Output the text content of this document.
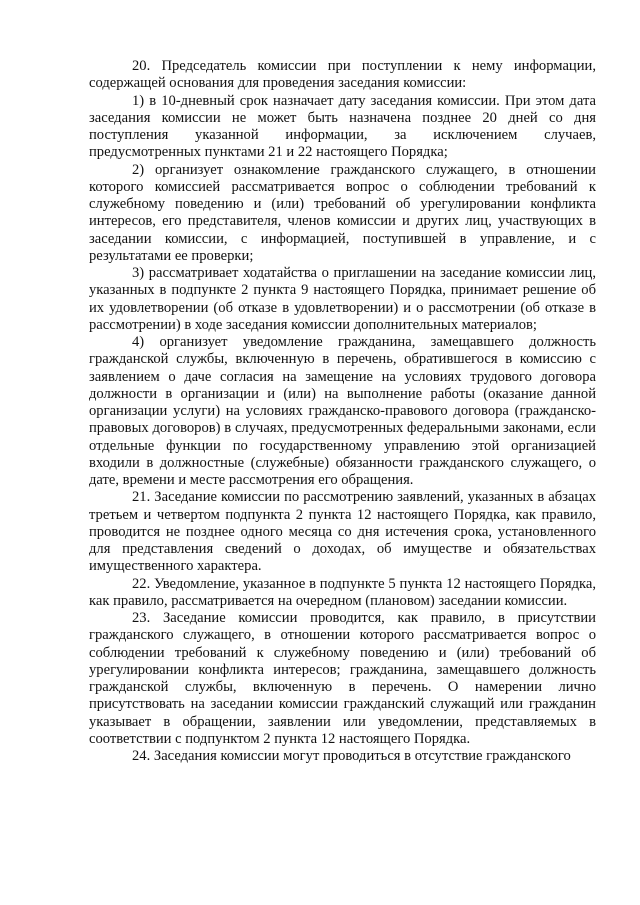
20. Председатель комиссии при поступлении к нему информации, содержащей основания для проведения заседания комиссии:

1) в 10-дневный срок назначает дату заседания комиссии. При этом дата заседания комиссии не может быть назначена позднее 20 дней со дня поступления указанной информации, за исключением случаев, предусмотренных пунктами 21 и 22 настоящего Порядка;

2) организует ознакомление гражданского служащего, в отношении которого комиссией рассматривается вопрос о соблюдении требований к служебному поведению и (или) требований об урегулировании конфликта интересов, его представителя, членов комиссии и других лиц, участвующих в заседании комиссии, с информацией, поступившей в управление, и с результатами ее проверки;

3) рассматривает ходатайства о приглашении на заседание комиссии лиц, указанных в подпункте 2 пункта 9 настоящего Порядка, принимает решение об их удовлетворении (об отказе в удовлетворении) и о рассмотрении (об отказе в рассмотрении) в ходе заседания комиссии дополнительных материалов;

4) организует уведомление гражданина, замещавшего должность гражданской службы, включенную в перечень, обратившегося в комиссию с заявлением о даче согласия на замещение на условиях трудового договора должности в организации и (или) на выполнение работы (оказание данной организации услуги) на условиях гражданско-правового договора (гражданско-правовых договоров) в случаях, предусмотренных федеральными законами, если отдельные функции по государственному управлению этой организацией входили в должностные (служебные) обязанности гражданского служащего, о дате, времени и месте рассмотрения его обращения.

21. Заседание комиссии по рассмотрению заявлений, указанных в абзацах третьем и четвертом подпункта 2 пункта 12 настоящего Порядка, как правило, проводится не позднее одного месяца со дня истечения срока, установленного для представления сведений о доходах, об имуществе и обязательствах имущественного характера.

22. Уведомление, указанное в подпункте 5 пункта 12 настоящего Порядка, как правило, рассматривается на очередном (плановом) заседании комиссии.

23. Заседание комиссии проводится, как правило, в присутствии гражданского служащего, в отношении которого рассматривается вопрос о соблюдении требований к служебному поведению и (или) требований об урегулировании конфликта интересов; гражданина, замещавшего должность гражданской службы, включенную в перечень. О намерении лично присутствовать на заседании комиссии гражданский служащий или гражданин указывает в обращении, заявлении или уведомлении, представляемых в соответствии с подпунктом 2 пункта 12 настоящего Порядка.

24. Заседания комиссии могут проводиться в отсутствие гражданского
